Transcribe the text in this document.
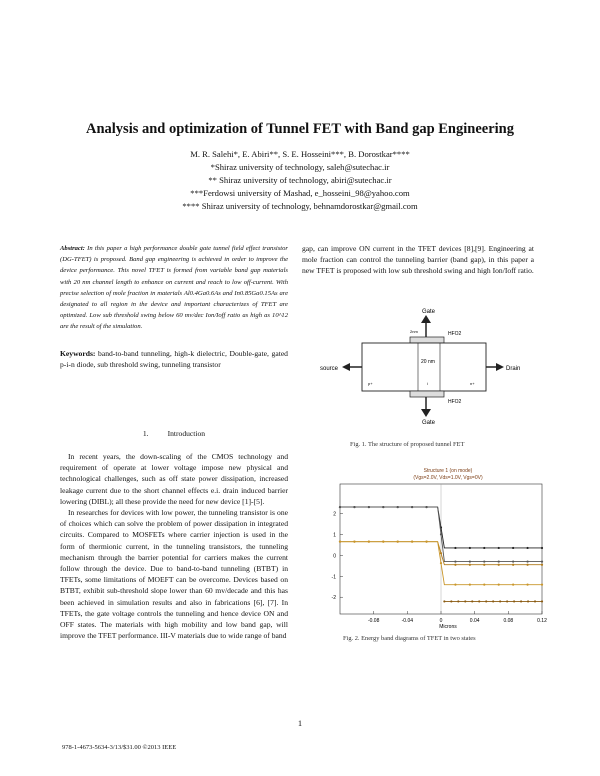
Analysis and optimization of Tunnel FET with Band gap Engineering
M. R. Salehi*, E. Abiri**, S. E. Hosseini***, B. Dorostkar****
*Shiraz university of technology, saleh@sutechac.ir
** Shiraz university of technology, abiri@sutechac.ir
***Ferdowsi university of Mashad, e_hosseini_98@yahoo.com
**** Shiraz university of technology, behnamdorostkar@gmail.com
Abstract: In this paper a high performance double gate tunnel field effect transistor (DG-TFET) is proposed. Band gap engineering is achieved in order to improve the device performance. This novel TFET is formed from variable band gap materials with 20 nm channel length to enhance on current and reach to low off-current. With precise selection of mole fraction in materials Al0.4Ga0.6As and In0.85Ga0.15As are designated to all region in the device and important characterizes of TFET are optimized. Low sub threshold swing below 60 mv/dec Ion/Ioff ratio as high as 10^12 are the result of the simulation.
Keywords: band-to-band tunneling, high-k dielectric, Double-gate, gated p-i-n diode, sub threshold swing, tunneling transistor
1. Introduction

In recent years, the down-scaling of the CMOS technology and requirement of operate at lower voltage impose new physical and technological challenges, such as off state power dissipation, increased leakage current due to the short channel effects e.i. drain induced barrier lowering (DIBL); all these provide the need for new device [1]-[5].

In researches for devices with low power, the tunneling transistor is one of choices which can solve the problem of power dissipation in integrated circuits. Compared to MOSFETs where carrier injection is used in the form of thermionic current, in the tunneling transistors, the tunneling mechanism through the barrier potential for carriers makes the current follow through the device. Due to band-to-band tunneling (BTBT) in TFETs, some limitations of MOEFT can be overcome. Devices based on BTBT, exhibit sub-threshold slope lower than 60 mv/decade and this has been achieved in simulation results and also in fabrications [6], [7]. In TFETs, the gate voltage controls the tunneling and hence device ON and OFF states. The materials with high mobility and low band gap, will improve the TFET performance. III-V materials due to wide range of band

gap, can improve ON current in the TFET devices [8],[9]. Engineering at mole fraction can control the tunneling barrier (band gap), in this paper a new TFET is proposed with low sub threshold swing and high Ion/Ioff ratio.
Gate
HFO2
20 nm
2nm
p+	i	n+
source	Drain
HFO2
Gate
Fig. 1. The structure of proposed tunnel FET
Structure 1 (on mode)
(Vgs=2.0V, Vds=1.0V, Vgs=0V)
-0.08	-0.04	0	0.04	0.08	0.12
2
1
0
-1
-2
Microns
Fig. 2. Energy band diagrams of TFET in two states
1
978-1-4673-5634-3/13/$31.00 ©2013 IEEE
